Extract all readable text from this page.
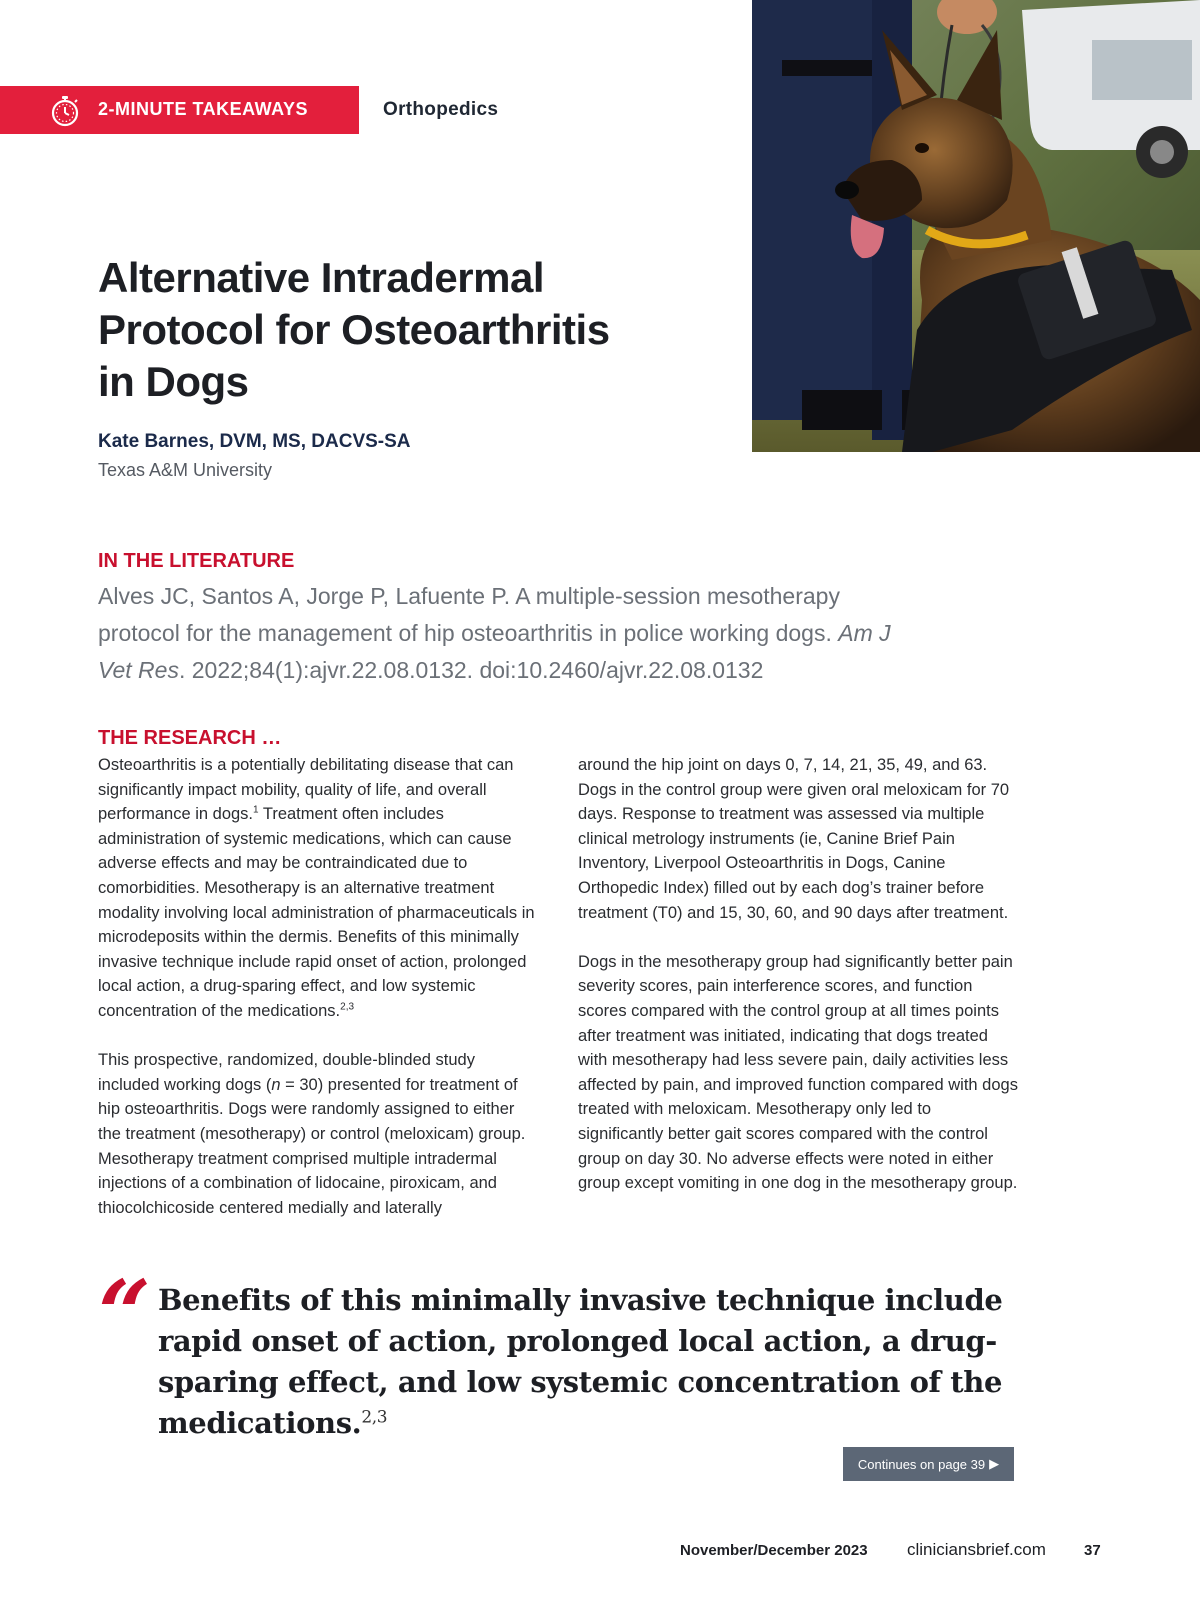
2-MINUTE TAKEAWAYS	Orthopedics
Alternative Intradermal
Protocol for Osteoarthritis
in Dogs
Kate Barnes, DVM, MS, DACVS-SA
Texas A&M University
IN THE LITERATURE

Alves JC, Santos A, Jorge P, Lafuente P. A multiple-session mesotherapy protocol for the management of hip osteoarthritis in police working dogs. Am J Vet Res. 2022;84(1):ajvr.22.08.0132. doi:10.2460/ajvr.22.08.0132

THE RESEARCH …

Osteoarthritis is a potentially debilitating disease that can significantly impact mobility, quality of life, and overall performance in dogs.$^1$ Treatment often includes administration of systemic medications, which can cause adverse effects and may be contraindicated due to comorbidities. Mesotherapy is an alternative treatment modality involving local administration of pharmaceuticals in microdeposits within the dermis. Benefits of this minimally invasive technique include rapid onset of action, prolonged local action, a drug-sparing effect, and low systemic concentration of the medications.$^{2,3}$

This prospective, randomized, double-blinded study included working dogs (n = 30) presented for treatment of hip osteoarthritis. Dogs were randomly assigned to either the treatment (mesotherapy) or control (meloxicam) group. Mesotherapy treatment comprised multiple intradermal injections of a combination of lidocaine, piroxicam, and thiocolchicoside centered medially and laterally

around the hip joint on days 0, 7, 14, 21, 35, 49, and 63. Dogs in the control group were given oral meloxicam for 70 days. Response to treatment was assessed via multiple clinical metrology instruments (ie, Canine Brief Pain Inventory, Liverpool Osteoarthritis in Dogs, Canine Orthopedic Index) filled out by each dog’s trainer before treatment (T0) and 15, 30, 60, and 90 days after treatment.

Dogs in the mesotherapy group had significantly better pain severity scores, pain interference scores, and function scores compared with the control group at all times points after treatment was initiated, indicating that dogs treated with mesotherapy had less severe pain, daily activities less affected by pain, and improved function compared with dogs treated with meloxicam. Mesotherapy only led to significantly better gait scores compared with the control group on day 30. No adverse effects were noted in either group except vomiting in one dog in the mesotherapy group.

“ Benefits of this minimally invasive technique include rapid onset of action, prolonged local action, a drug-sparing effect, and low systemic concentration of the medications.$^{2,3}$

Continues on page 39 ▶
November/December 2023 cliniciansbrief.com	37
